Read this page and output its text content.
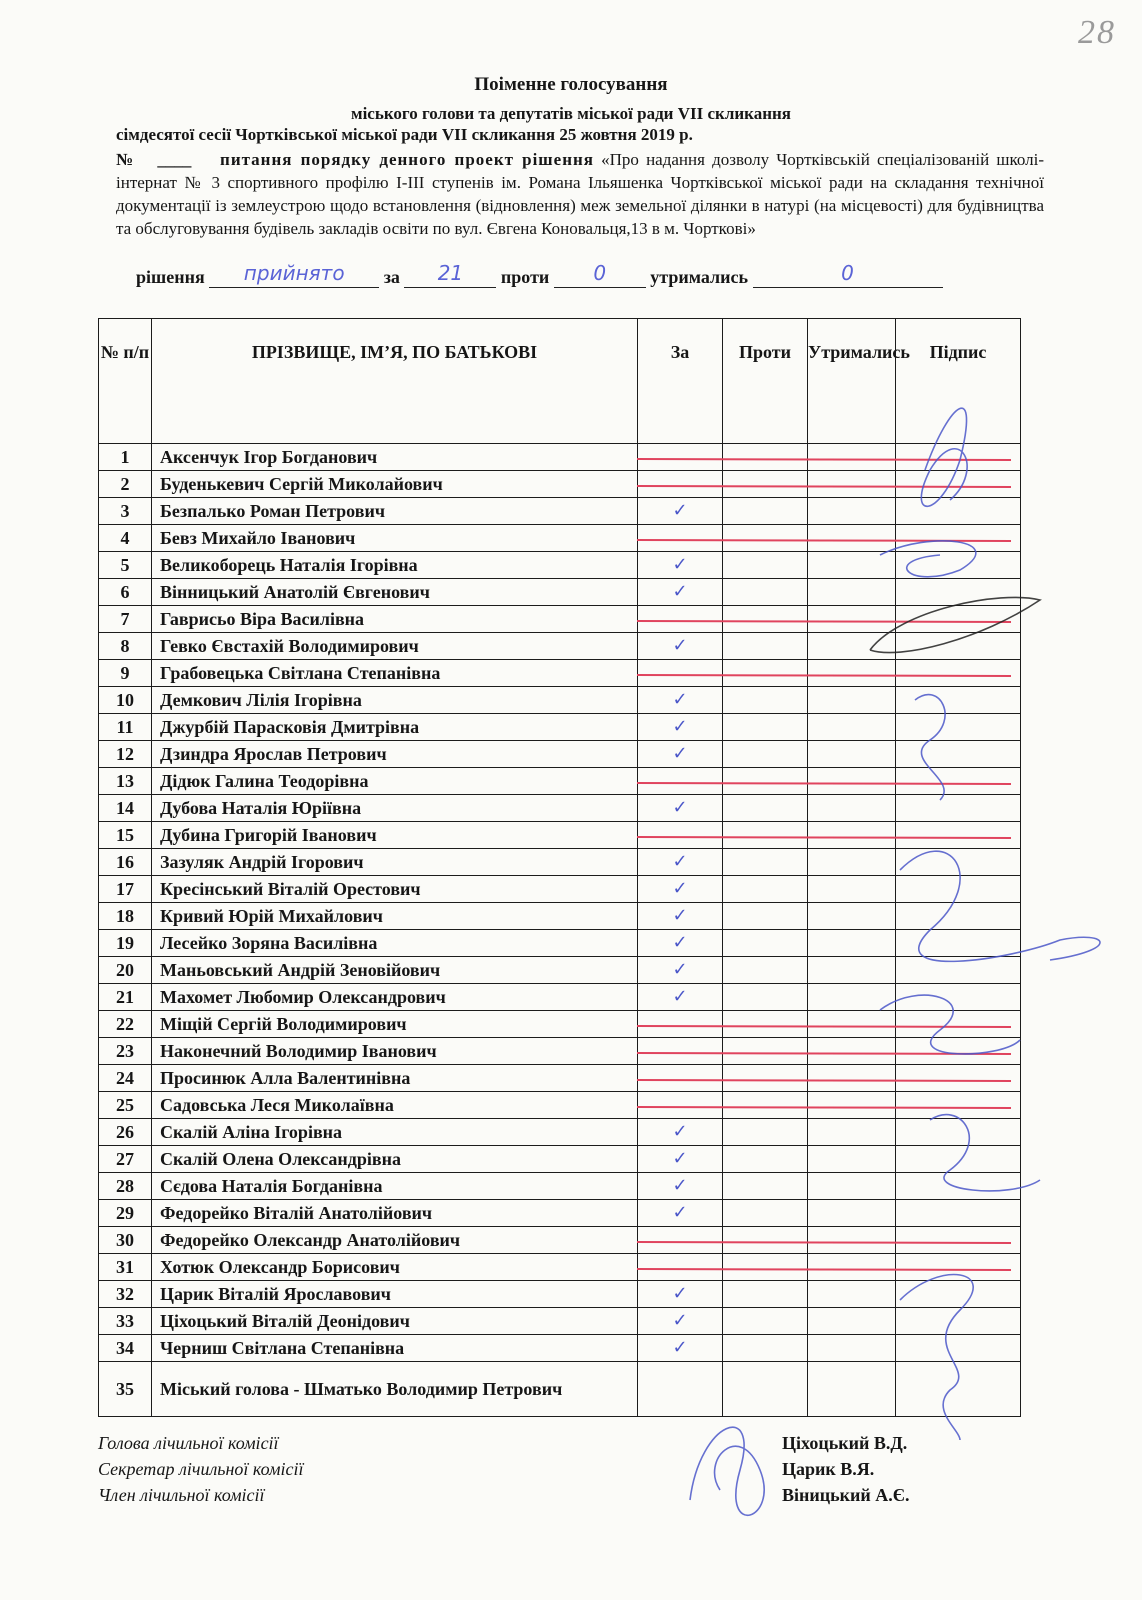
28
Поіменне голосування
міського голови та депутатів міської ради VII скликання
сімдесятої сесії Чортківської міської ради VII скликання 25 жовтня 2019 р.
№   ____    питання порядку денного проект рішення «Про надання дозволу Чортківській спеціалізованій школі-інтернат № 3 спортивного профілю І-ІІІ ступенів ім. Романа Ільяшенка Чортківської міської ради на складання технічної документації із землеустрою щодо встановлення (відновлення) меж земельної ділянки в натурі (на місцевості) для будівництва та обслуговування будівель закладів освіти по вул. Євгена Коновальця,13 в м. Чорткові»
рішення	прийнято	за	21	проти	0	утримались	0
№ п/п	ПРІЗВИЩЕ, ІМ’Я, ПО БАТЬКОВІ	За	Проти	Утримались	Підпис
1	Аксенчук Ігор Богданович				
2	Буденькевич Сергій Миколайович				
3	Безпалько Роман Петрович	✓			
4	Бевз Михайло Іванович				
5	Великоборець Наталія Ігорівна	✓			
6	Вінницький Анатолій Євгенович	✓			
7	Гаврисьо Віра Василівна				
8	Гевко Євстахій Володимирович	✓			
9	Грабовецька Світлана Степанівна				
10	Демкович Лілія Ігорівна	✓			
11	Джурбій Парасковія Дмитрівна	✓			
12	Дзиндра Ярослав Петрович	✓			
13	Дідюк Галина Теодорівна				
14	Дубова Наталія Юріївна	✓			
15	Дубина Григорій Іванович				
16	Зазуляк Андрій Ігорович	✓			
17	Кресінський Віталій Орестович	✓			
18	Кривий Юрій Михайлович	✓			
19	Лесейко Зоряна Василівна	✓			
20	Маньовський Андрій Зеновійович	✓			
21	Махомет Любомир Олександрович	✓			
22	Міщій Сергій Володимирович				
23	Наконечний Володимир Іванович				
24	Просинюк Алла Валентинівна				
25	Садовська Леся Миколаївна				
26	Скалій Аліна Ігорівна	✓			
27	Скалій Олена Олександрівна	✓			
28	Сєдова Наталія Богданівна	✓			
29	Федорейко Віталій Анатолійович	✓			
30	Федорейко Олександр Анатолійович				
31	Хотюк Олександр Борисович				
32	Царик Віталій Ярославович	✓			
33	Ціхоцький Віталій Деонідович	✓			
34	Черниш Світлана Степанівна	✓			
35	Міський голова - Шматько Володимир Петрович				
Голова лічильної комісії
Секретар лічильної комісії
Член лічильної комісії
Ціхоцький В.Д.
Царик В.Я.
Віницький А.Є.
